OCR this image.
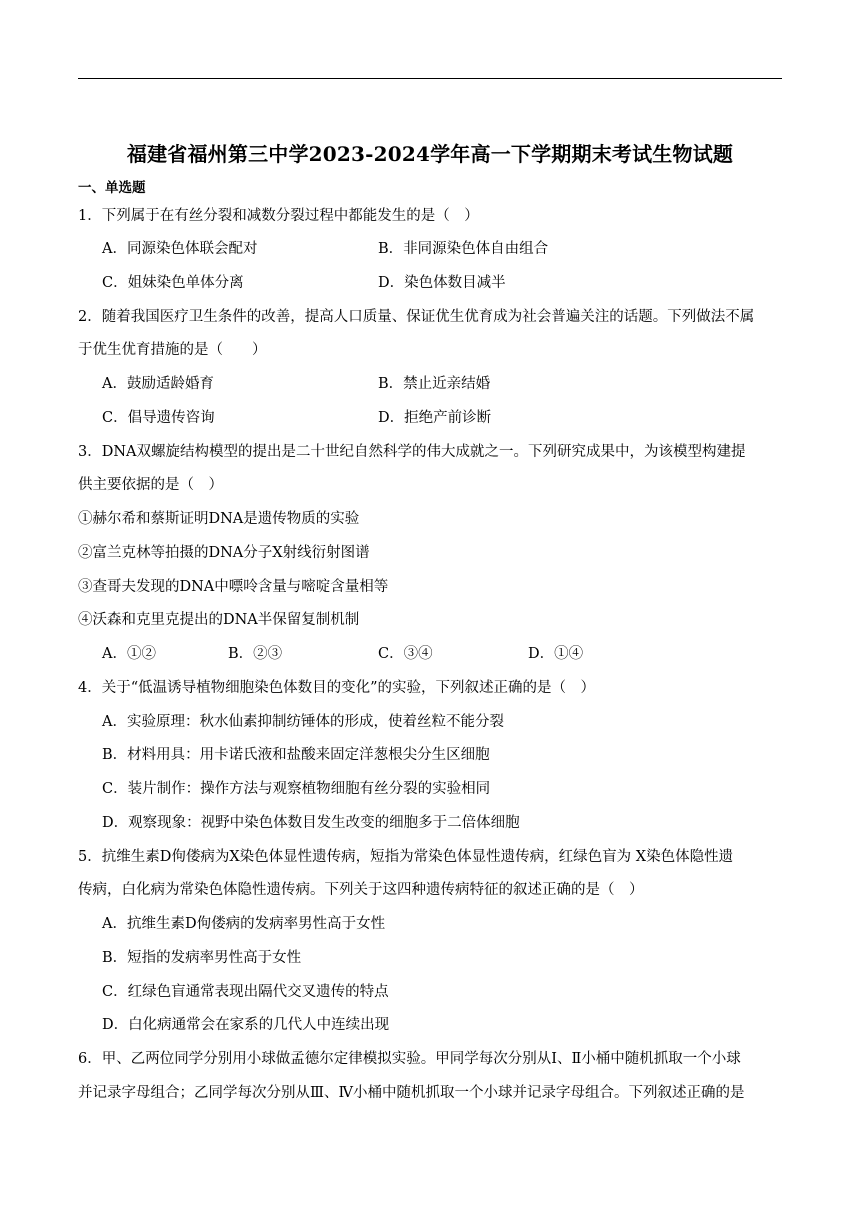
福建省福州第三中学2023-2024学年高一下学期期末考试生物试题
一、单选题
1．下列属于在有丝分裂和减数分裂过程中都能发生的是（　）
A．同源染色体联会配对	B．非同源染色体自由组合
C．姐妹染色单体分离	D．染色体数目减半
2．随着我国医疗卫生条件的改善，提高人口质量、保证优生优育成为社会普遍关注的话题。下列做法不属
于优生优育措施的是（　　）
A．鼓励适龄婚育	B．禁止近亲结婚
C．倡导遗传咨询	D．拒绝产前诊断
3．DNA双螺旋结构模型的提出是二十世纪自然科学的伟大成就之一。下列研究成果中，为该模型构建提
供主要依据的是（　）
①赫尔希和蔡斯证明DNA是遗传物质的实验
②富兰克林等拍摄的DNA分子X射线衍射图谱
③查哥夫发现的DNA中嘌呤含量与嘧啶含量相等
④沃森和克里克提出的DNA半保留复制机制
A．①②	B．②③	C．③④	D．①④
4．关于“低温诱导植物细胞染色体数目的变化”的实验，下列叙述正确的是（　）
A．实验原理：秋水仙素抑制纺锤体的形成，使着丝粒不能分裂
B．材料用具：用卡诺氏液和盐酸来固定洋葱根尖分生区细胞
C．装片制作：操作方法与观察植物细胞有丝分裂的实验相同
D．观察现象：视野中染色体数目发生改变的细胞多于二倍体细胞
5．抗维生素D佝偻病为X染色体显性遗传病，短指为常染色体显性遗传病，红绿色盲为 X染色体隐性遗
传病，白化病为常染色体隐性遗传病。下列关于这四种遗传病特征的叙述正确的是（　）
A．抗维生素D佝偻病的发病率男性高于女性
B．短指的发病率男性高于女性
C．红绿色盲通常表现出隔代交叉遗传的特点
D．白化病通常会在家系的几代人中连续出现
6．甲、乙两位同学分别用小球做孟德尔定律模拟实验。甲同学每次分别从Ⅰ、Ⅱ小桶中随机抓取一个小球
并记录字母组合；乙同学每次分别从Ⅲ、Ⅳ小桶中随机抓取一个小球并记录字母组合。下列叙述正确的是
